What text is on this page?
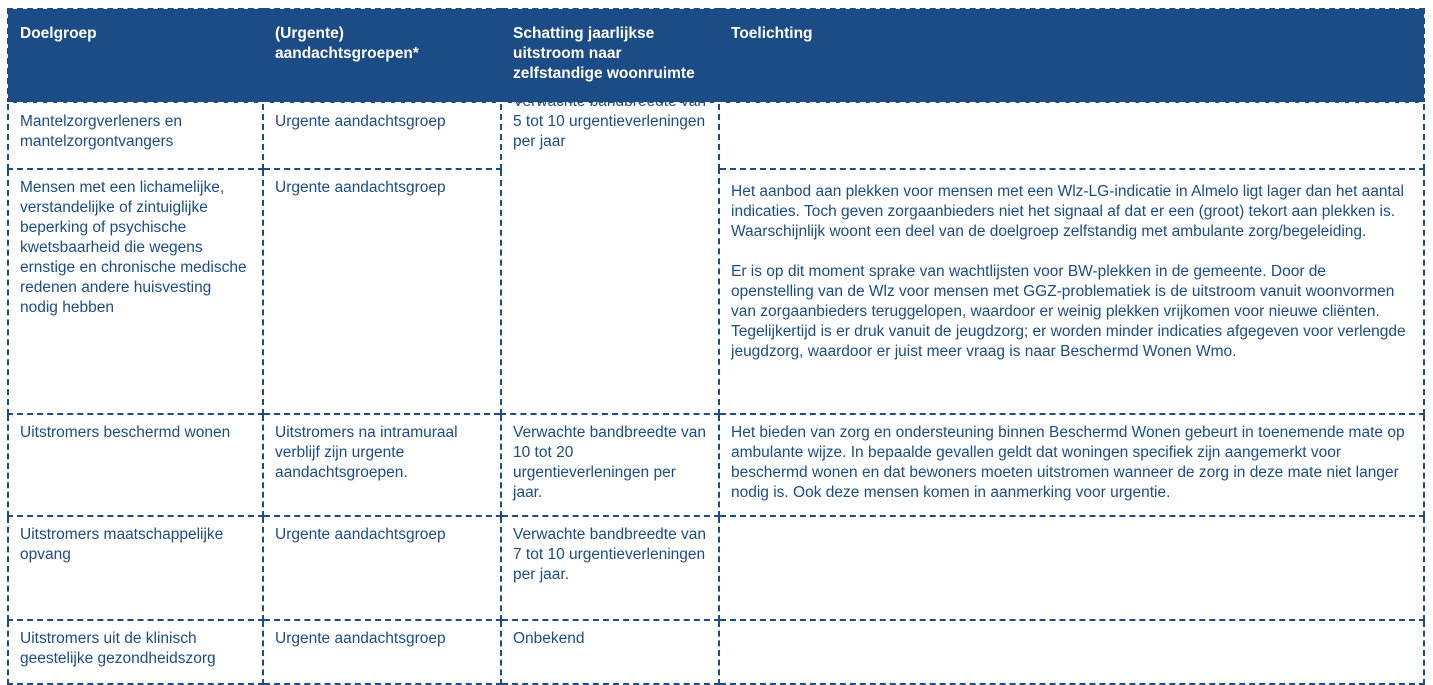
Doelgroep	(Urgente) aandachtsgroepen*	Schatting jaarlijkse uitstroom naar zelfstandige woonruimte	Toelichting
Mantelzorgverleners en mantelzorgontvangers	Urgente aandachtsgroep	Verwachte bandbreedte van 5 tot 10 urgentieverleningen per jaar	

Mensen met een lichamelijke, verstandelijke of zintuiglijke beperking of psychische kwetsbaarheid die wegens ernstige en chronische medische redenen andere huisvesting nodig hebben	Urgente aandachtsgroep		Het aanbod aan plekken voor mensen met een Wlz-LG-indicatie in Almelo ligt lager dan het aantal indicaties. Toch geven zorgaanbieders niet het signaal af dat er een (groot) tekort aan plekken is. Waarschijnlijk woont een deel van de doelgroep zelfstandig met ambulante zorg/begeleiding.
Er is op dit moment sprake van wachtlijsten voor BW-plekken in de gemeente. Door de openstelling van de Wlz voor mensen met GGZ-problematiek is de uitstroom vanuit woonvormen van zorgaanbieders teruggelopen, waardoor er weinig plekken vrijkomen voor nieuwe cliënten. Tegelijkertijd is er druk vanuit de jeugdzorg; er worden minder indicaties afgegeven voor verlengde jeugdzorg, waardoor er juist meer vraag is naar Beschermd Wonen Wmo.

Uitstromers beschermd wonen	Uitstromers na intramuraal verblijf zijn urgente aandachtsgroepen.	Verwachte bandbreedte van 10 tot 20 urgentieverleningen per jaar.	Het bieden van zorg en ondersteuning binnen Beschermd Wonen gebeurt in toenemende mate op ambulante wijze. In bepaalde gevallen geldt dat woningen specifiek zijn aangemerkt voor beschermd wonen en dat bewoners moeten uitstromen wanneer de zorg in deze mate niet langer nodig is. Ook deze mensen komen in aanmerking voor urgentie.
Uitstromers maatschappelijke opvang	Urgente aandachtsgroep	Verwachte bandbreedte van 7 tot 10 urgentieverleningen per jaar.	
Uitstromers uit de klinisch geestelijke gezondheidszorg	Urgente aandachtsgroep	Onbekend	
